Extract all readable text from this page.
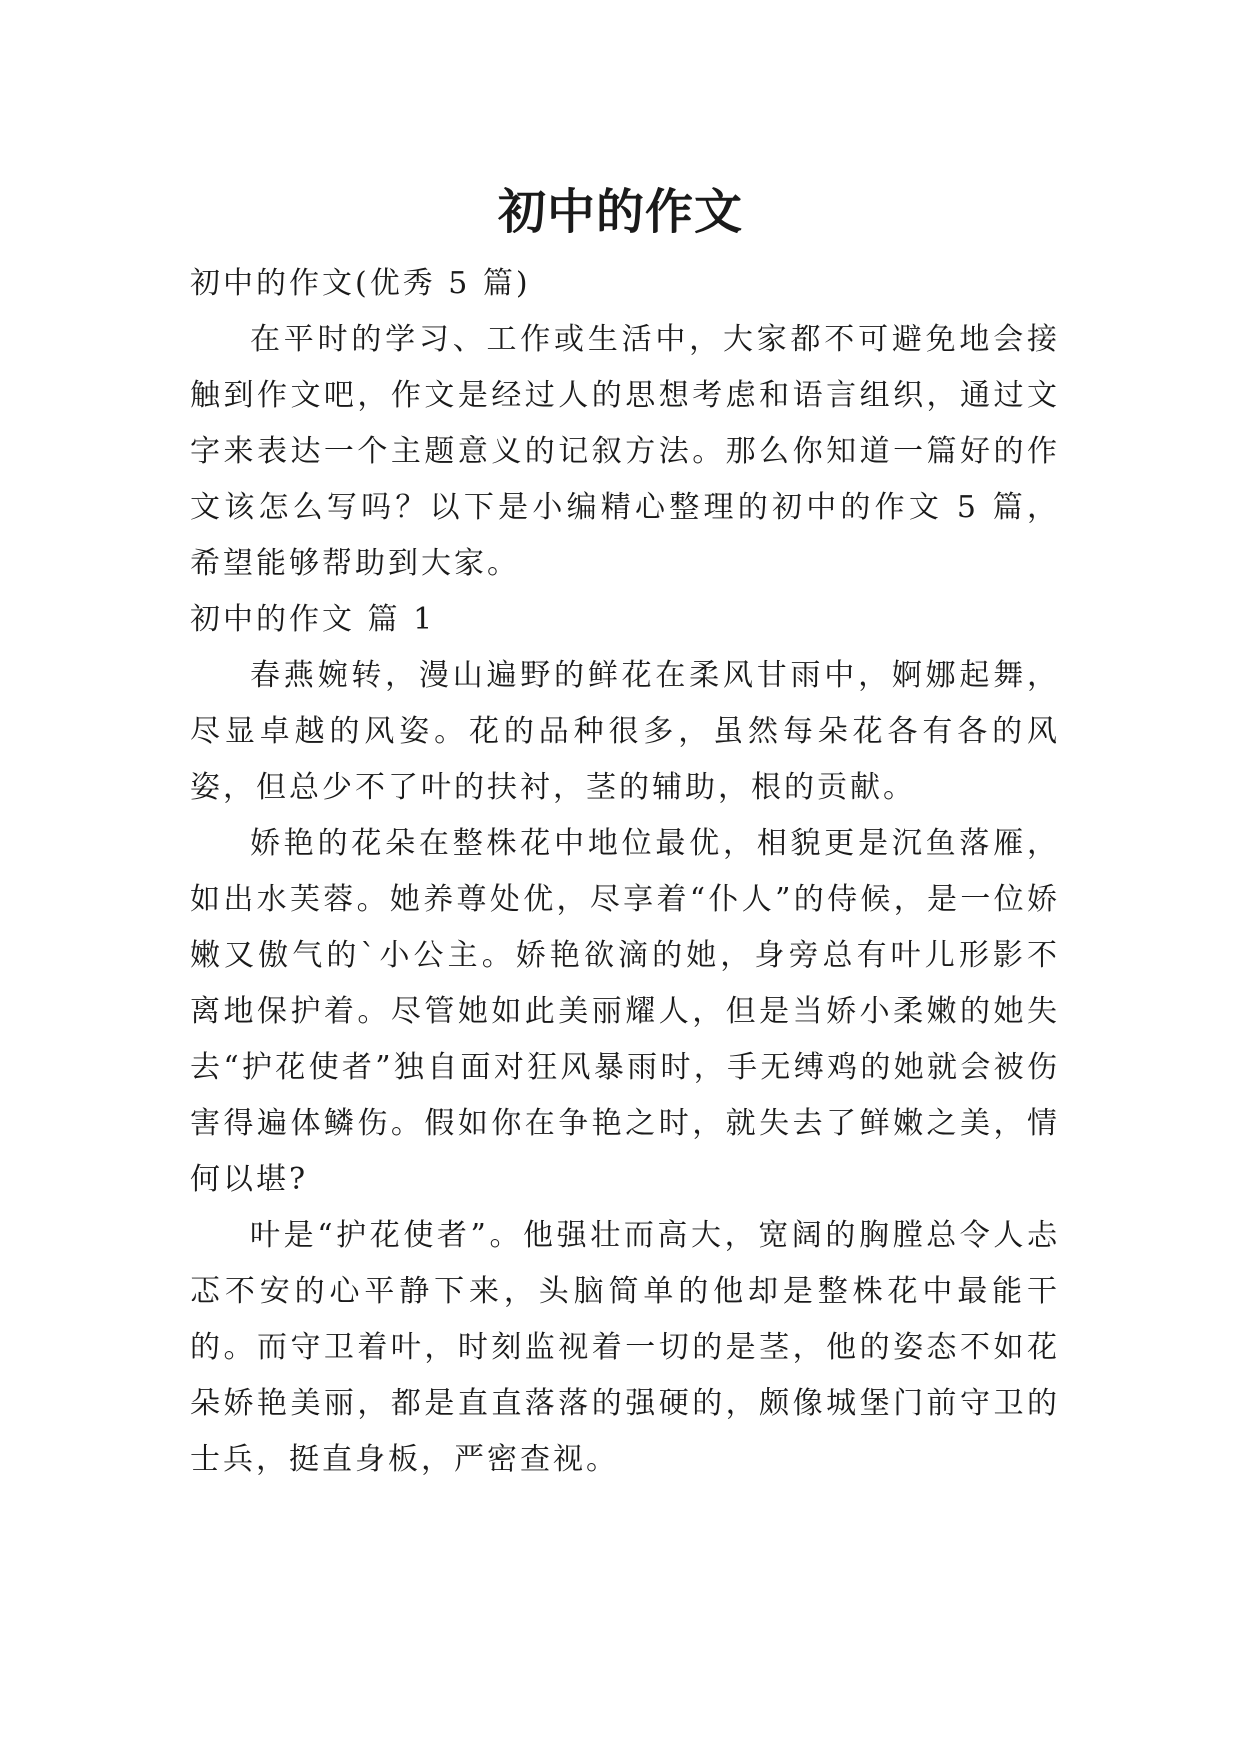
初中的作文

初中的作文(优秀 5 篇)

在平时的学习、工作或生活中，大家都不可避免地会接触到作文吧，作文是经过人的思想考虑和语言组织，通过文字来表达一个主题意义的记叙方法。那么你知道一篇好的作文该怎么写吗？以下是小编精心整理的初中的作文 5 篇，希望能够帮助到大家。

初中的作文 篇 1

春燕婉转，漫山遍野的鲜花在柔风甘雨中，婀娜起舞，尽显卓越的风姿。花的品种很多，虽然每朵花各有各的风姿，但总少不了叶的扶衬，茎的辅助，根的贡献。

娇艳的花朵在整株花中地位最优，相貌更是沉鱼落雁，如出水芙蓉。她养尊处优，尽享着“仆人”的侍候，是一位娇嫩又傲气的`小公主。娇艳欲滴的她，身旁总有叶儿形影不离地保护着。尽管她如此美丽耀人，但是当娇小柔嫩的她失去“护花使者”独自面对狂风暴雨时，手无缚鸡的她就会被伤害得遍体鳞伤。假如你在争艳之时，就失去了鲜嫩之美，情何以堪?

叶是“护花使者”。他强壮而高大，宽阔的胸膛总令人忐忑不安的心平静下来，头脑简单的他却是整株花中最能干的。而守卫着叶，时刻监视着一切的是茎，他的姿态不如花朵娇艳美丽，都是直直落落的强硬的，颇像城堡门前守卫的士兵，挺直身板，严密查视。
